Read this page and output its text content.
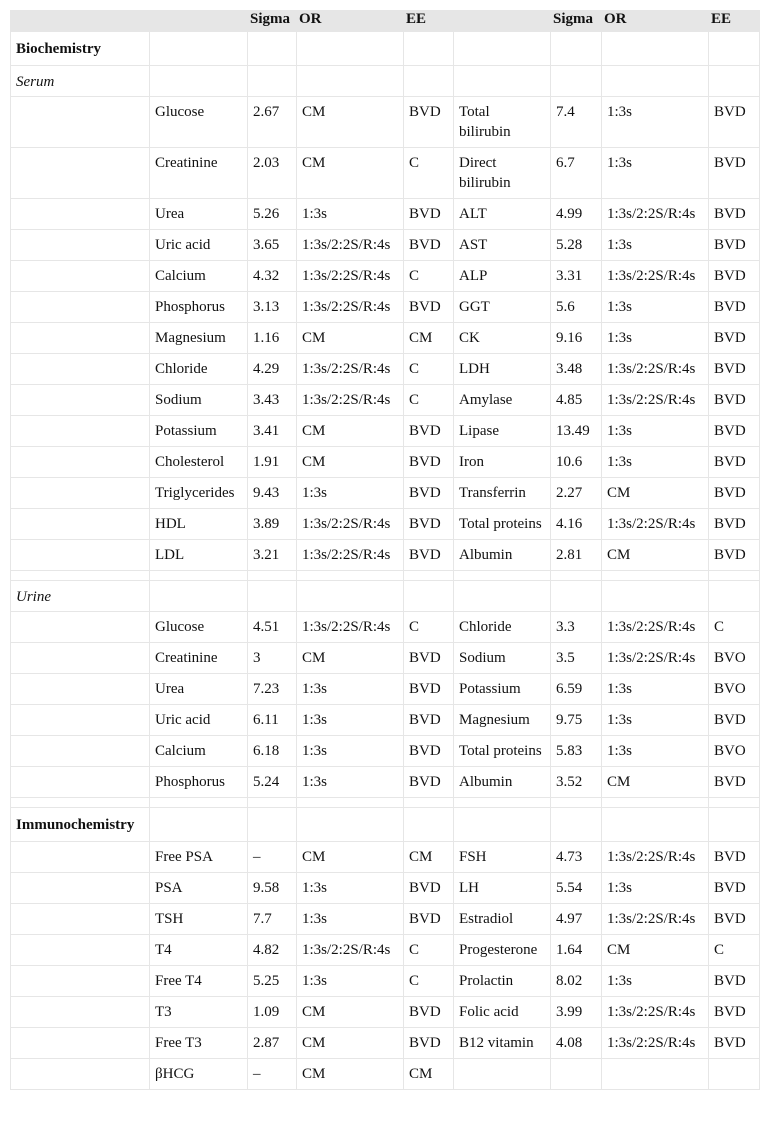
		Sigma	OR	EE		Sigma	OR	EE
Biochemistry								
Serum								
	Glucose	2.67	CM	BVD	Total bilirubin	7.4	1:3s	BVD
	Creatinine	2.03	CM	C	Direct bilirubin	6.7	1:3s	BVD
	Urea	5.26	1:3s	BVD	ALT	4.99	1:3s/2:2S/R:4s	BVD
	Uric acid	3.65	1:3s/2:2S/R:4s	BVD	AST	5.28	1:3s	BVD
	Calcium	4.32	1:3s/2:2S/R:4s	C	ALP	3.31	1:3s/2:2S/R:4s	BVD
	Phosphorus	3.13	1:3s/2:2S/R:4s	BVD	GGT	5.6	1:3s	BVD
	Magnesium	1.16	CM	CM	CK	9.16	1:3s	BVD
	Chloride	4.29	1:3s/2:2S/R:4s	C	LDH	3.48	1:3s/2:2S/R:4s	BVD
	Sodium	3.43	1:3s/2:2S/R:4s	C	Amylase	4.85	1:3s/2:2S/R:4s	BVD
	Potassium	3.41	CM	BVD	Lipase	13.49	1:3s	BVD
	Cholesterol	1.91	CM	BVD	Iron	10.6	1:3s	BVD
	Triglycerides	9.43	1:3s	BVD	Transferrin	2.27	CM	BVD
	HDL	3.89	1:3s/2:2S/R:4s	BVD	Total proteins	4.16	1:3s/2:2S/R:4s	BVD
	LDL	3.21	1:3s/2:2S/R:4s	BVD	Albumin	2.81	CM	BVD

Urine								
	Glucose	4.51	1:3s/2:2S/R:4s	C	Chloride	3.3	1:3s/2:2S/R:4s	C
	Creatinine	3	CM	BVD	Sodium	3.5	1:3s/2:2S/R:4s	BVO
	Urea	7.23	1:3s	BVD	Potassium	6.59	1:3s	BVO
	Uric acid	6.11	1:3s	BVD	Magnesium	9.75	1:3s	BVD
	Calcium	6.18	1:3s	BVD	Total proteins	5.83	1:3s	BVO
	Phosphorus	5.24	1:3s	BVD	Albumin	3.52	CM	BVD

Immunochemistry								
	Free PSA	–	CM	CM	FSH	4.73	1:3s/2:2S/R:4s	BVD
	PSA	9.58	1:3s	BVD	LH	5.54	1:3s	BVD
	TSH	7.7	1:3s	BVD	Estradiol	4.97	1:3s/2:2S/R:4s	BVD
	T4	4.82	1:3s/2:2S/R:4s	C	Progesterone	1.64	CM	C
	Free T4	5.25	1:3s	C	Prolactin	8.02	1:3s	BVD
	T3	1.09	CM	BVD	Folic acid	3.99	1:3s/2:2S/R:4s	BVD
	Free T3	2.87	CM	BVD	B12 vitamin	4.08	1:3s/2:2S/R:4s	BVD
	βHCG	–	CM	CM				
